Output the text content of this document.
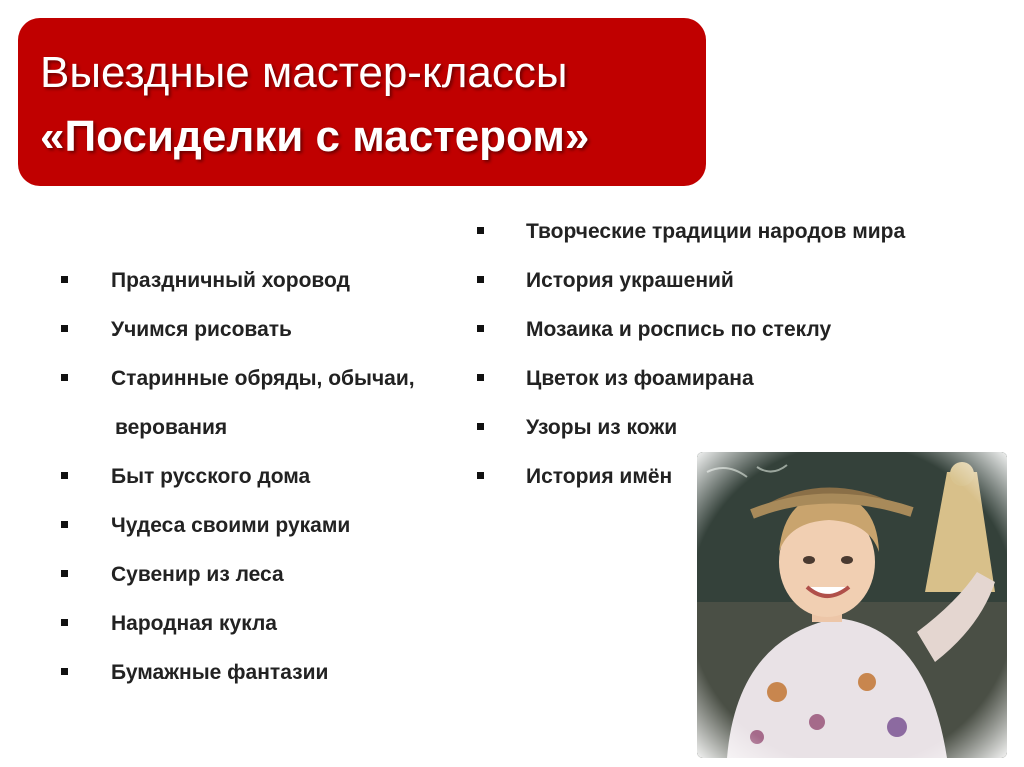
Выездные мастер-классы
«Посиделки с мастером»
Праздничный хоровод
Учимся рисовать
Старинные обряды, обычаи,
верования
Быт русского дома
Чудеса своими руками
Сувенир из леса
Народная кукла
Бумажные фантазии
Творческие традиции народов мира
История украшений
Мозаика и роспись по стеклу
Цветок из фоамирана
Узоры из кожи
История имён
